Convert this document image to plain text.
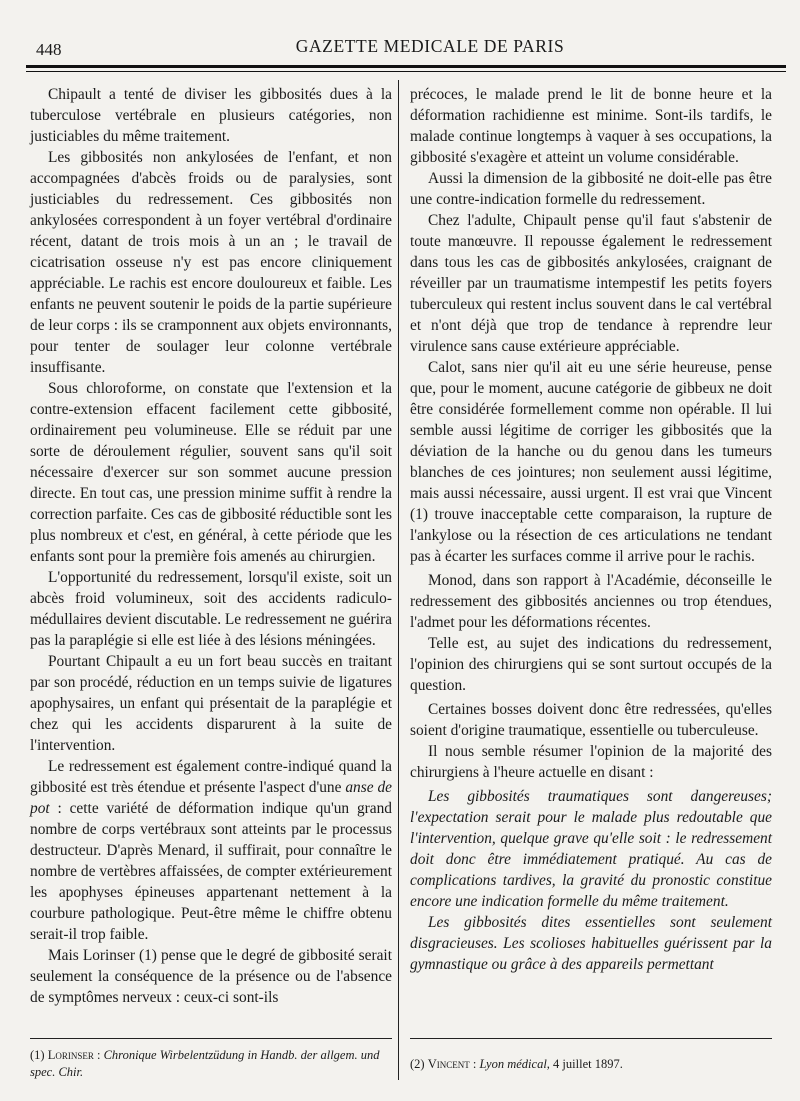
448	GAZETTE MEDICALE DE PARIS

Chipault a tenté de diviser les gibbosités dues à la tuberculose vertébrale en plusieurs catégories, non justiciables du même traitement.

Les gibbosités non ankylosées de l'enfant, et non accompagnées d'abcès froids ou de paralysies, sont justiciables du redressement. Ces gibbosités non ankylosées correspondent à un foyer vertébral d'ordinaire récent, datant de trois mois à un an ; le travail de cicatrisation osseuse n'y est pas encore cliniquement appréciable. Le rachis est encore douloureux et faible. Les enfants ne peuvent soutenir le poids de la partie supérieure de leur corps : ils se cramponnent aux objets environnants, pour tenter de soulager leur colonne vertébrale insuffisante.

Sous chloroforme, on constate que l'extension et la contre-extension effacent facilement cette gibbosité, ordinairement peu volumineuse. Elle se réduit par une sorte de déroulement régulier, souvent sans qu'il soit nécessaire d'exercer sur son sommet aucune pression directe. En tout cas, une pression minime suffit à rendre la correction parfaite. Ces cas de gibbosité réductible sont les plus nombreux et c'est, en général, à cette période que les enfants sont pour la première fois amenés au chirurgien.

L'opportunité du redressement, lorsqu'il existe, soit un abcès froid volumineux, soit des accidents radiculo-médullaires devient discutable. Le redressement ne guérira pas la paraplégie si elle est liée à des lésions méningées.

Pourtant Chipault a eu un fort beau succès en traitant par son procédé, réduction en un temps suivie de ligatures apophysaires, un enfant qui présentait de la paraplégie et chez qui les accidents disparurent à la suite de l'intervention.

Le redressement est également contre-indiqué quand la gibbosité est très étendue et présente l'aspect d'une anse de pot : cette variété de déformation indique qu'un grand nombre de corps vertébraux sont atteints par le processus destructeur. D'après Menard, il suffirait, pour connaître le nombre de vertèbres affaissées, de compter extérieurement les apophyses épineuses appartenant nettement à la courbure pathologique. Peut-être même le chiffre obtenu serait-il trop faible.

Mais Lorinser (1) pense que le degré de gibbosité serait seulement la conséquence de la présence ou de l'absence de symptômes nerveux : ceux-ci sont-ils

précoces, le malade prend le lit de bonne heure et la déformation rachidienne est minime. Sont-ils tardifs, le malade continue longtemps à vaquer à ses occupations, la gibbosité s'exagère et atteint un volume considérable.

Aussi la dimension de la gibbosité ne doit-elle pas être une contre-indication formelle du redressement.

Chez l'adulte, Chipault pense qu'il faut s'abstenir de toute manœuvre. Il repousse également le redressement dans tous les cas de gibbosités ankylosées, craignant de réveiller par un traumatisme intempestif les petits foyers tuberculeux qui restent inclus souvent dans le cal vertébral et n'ont déjà que trop de tendance à reprendre leur virulence sans cause extérieure appréciable.

Calot, sans nier qu'il ait eu une série heureuse, pense que, pour le moment, aucune catégorie de gibbeux ne doit être considérée formellement comme non opérable. Il lui semble aussi légitime de corriger les gibbosités que la déviation de la hanche ou du genou dans les tumeurs blanches de ces jointures; non seulement aussi légitime, mais aussi nécessaire, aussi urgent. Il est vrai que Vincent (1) trouve inacceptable cette comparaison, la rupture de l'ankylose ou la résection de ces articulations ne tendant pas à écarter les surfaces comme il arrive pour le rachis.

Monod, dans son rapport à l'Académie, déconseille le redressement des gibbosités anciennes ou trop étendues, l'admet pour les déformations récentes.

Telle est, au sujet des indications du redressement, l'opinion des chirurgiens qui se sont surtout occupés de la question.

Certaines bosses doivent donc être redressées, qu'elles soient d'origine traumatique, essentielle ou tuberculeuse.

Il nous semble résumer l'opinion de la majorité des chirurgiens à l'heure actuelle en disant :

Les gibbosités traumatiques sont dangereuses; l'expectation serait pour le malade plus redoutable que l'intervention, quelque grave qu'elle soit : le redressement doit donc être immédiatement pratiqué. Au cas de complications tardives, la gravité du pronostic constitue encore une indication formelle du même traitement.

Les gibbosités dites essentielles sont seulement disgracieuses. Les scolioses habituelles guérissent par la gymnastique ou grâce à des appareils permettant

(1) Lorinser : Chronique Wirbelentzüdung in Handb. der allgem. und spec. Chir.
(2) Vincent : Lyon médical, 4 juillet 1897.
